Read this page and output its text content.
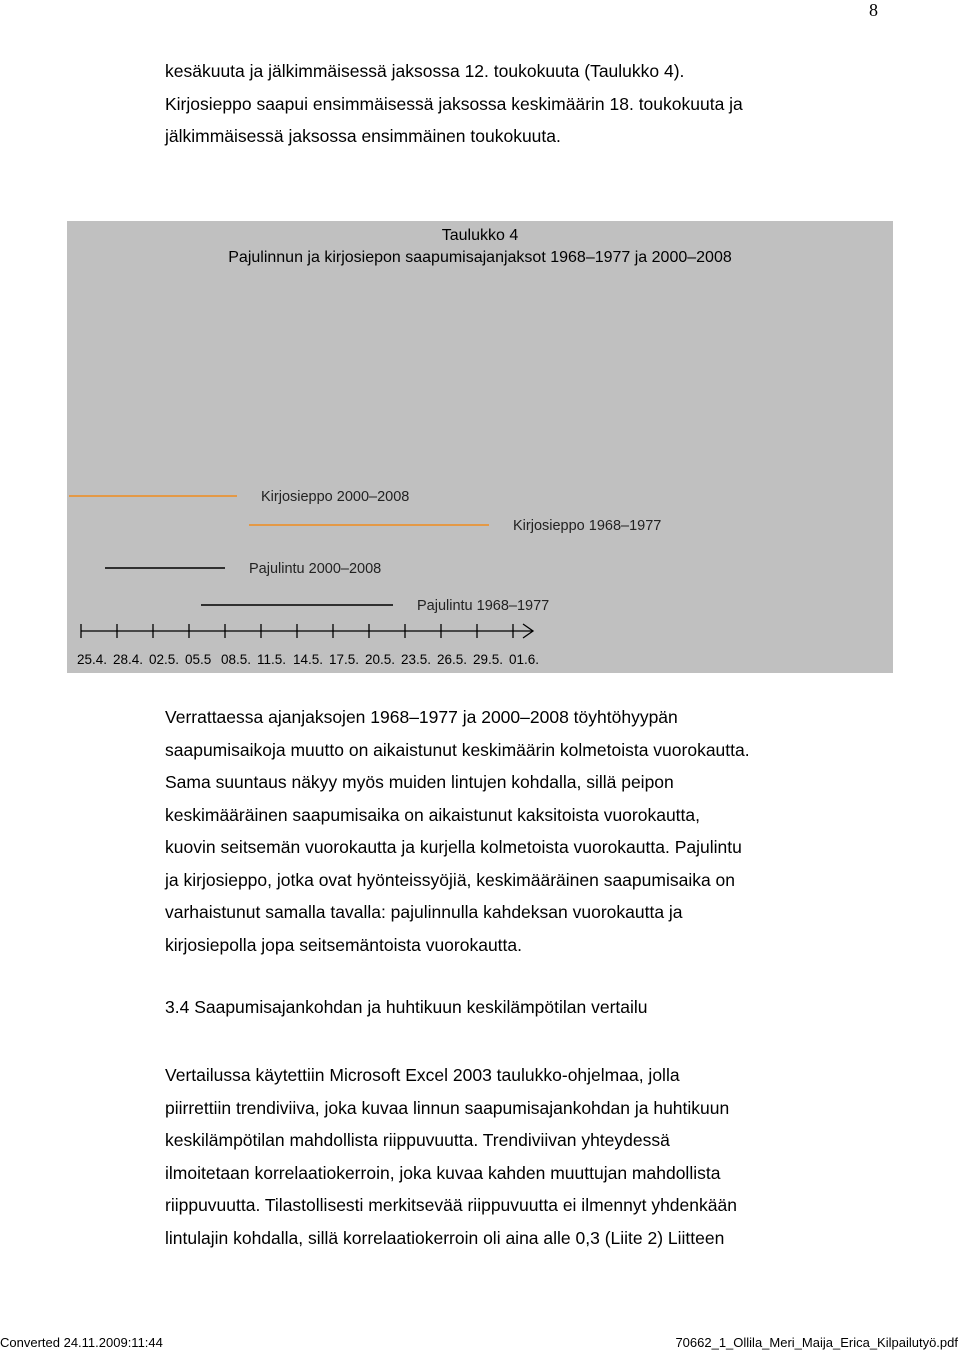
8

kesäkuuta ja jälkimmäisessä jaksossa 12. toukokuuta (Taulukko 4).

Kirjosieppo saapui ensimmäisessä jaksossa keskimäärin 18. toukokuuta ja

jälkimmäisessä jaksossa ensimmäinen toukokuuta.

Taulukko 4
Pajulinnun ja kirjosiepon saapumisajanjaksot 1968–1977 ja 2000–2008
Kirjosieppo 2000–2008
Kirjosieppo 1968–1977
Pajulintu 2000–2008
Pajulintu 1968–1977
25.4. 28.4. 02.5. 05.5 08.5. 11.5. 14.5. 17.5. 20.5. 23.5. 26.5. 29.5. 01.6.

Verrattaessa ajanjaksojen 1968–1977 ja 2000–2008 töyhtöhyypän

saapumisaikoja muutto on aikaistunut keskimäärin kolmetoista vuorokautta.

Sama suuntaus näkyy myös muiden lintujen kohdalla, sillä peipon

keskimääräinen saapumisaika on aikaistunut kaksitoista vuorokautta,

kuovin seitsemän vuorokautta ja kurjella kolmetoista vuorokautta. Pajulintu

ja kirjosieppo, jotka ovat hyönteissyöjiä, keskimääräinen saapumisaika on

varhaistunut samalla tavalla: pajulinnulla kahdeksan vuorokautta ja

kirjosiepolla jopa seitsemäntoista vuorokautta.

3.4 Saapumisajankohdan ja huhtikuun keskilämpötilan vertailu

Vertailussa käytettiin Microsoft Excel 2003 taulukko-ohjelmaa, jolla

piirrettiin trendiviiva, joka kuvaa linnun saapumisajankohdan ja huhtikuun

keskilämpötilan mahdollista riippuvuutta. Trendiviivan yhteydessä

ilmoitetaan korrelaatiokerroin, joka kuvaa kahden muuttujan mahdollista

riippuvuutta. Tilastollisesti merkitsevää riippuvuutta ei ilmennyt yhdenkään

lintulajin kohdalla, sillä korrelaatiokerroin oli aina alle 0,3 (Liite 2) Liitteen

Converted 24.11.2009:11:44	70662_1_Ollila_Meri_Maija_Erica_Kilpailutyö.pdf
